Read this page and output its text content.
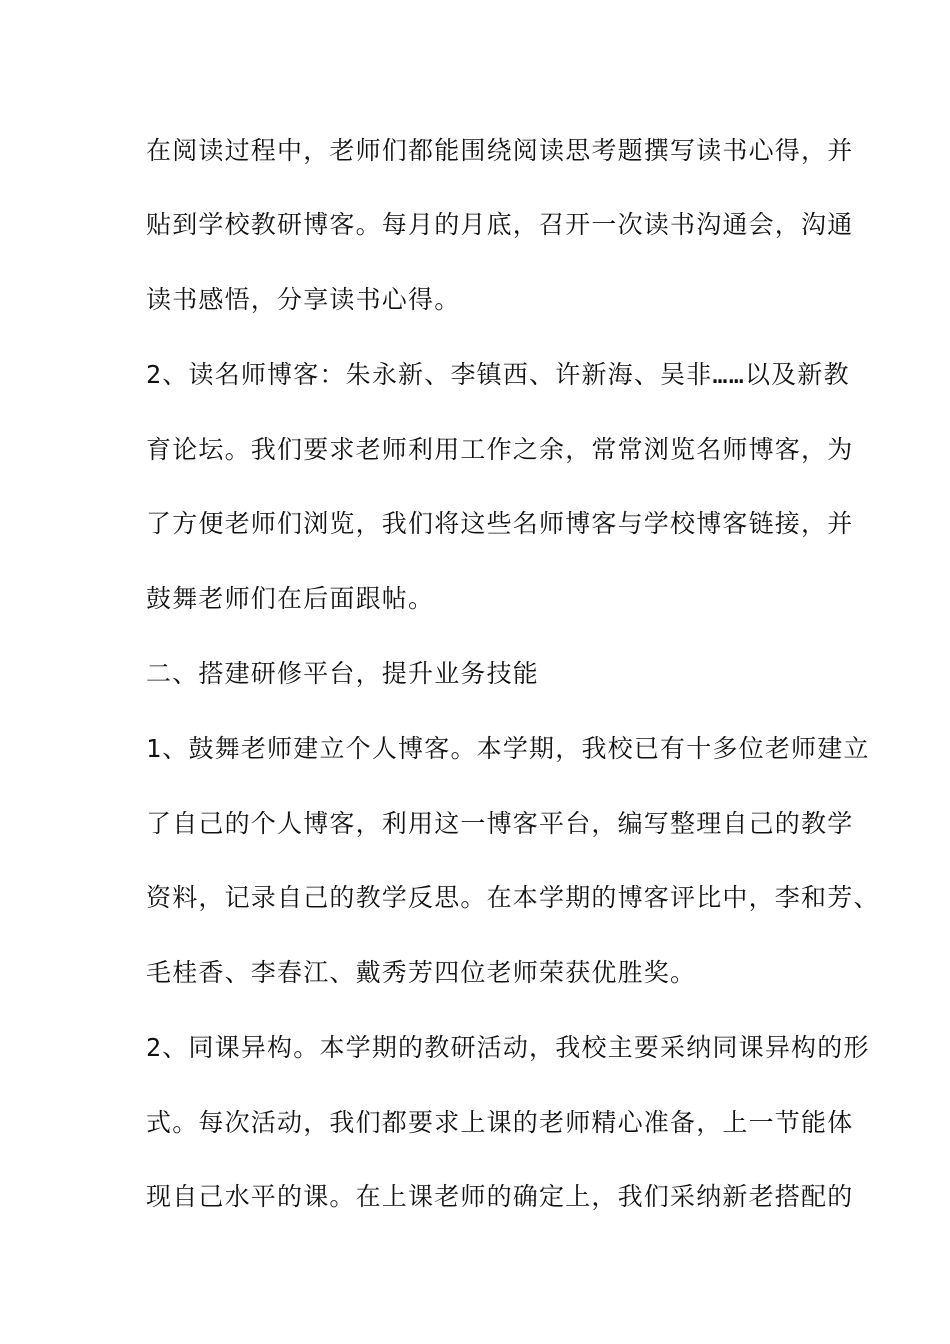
在阅读过程中，老师们都能围绕阅读思考题撰写读书心得，并
贴到学校教研博客。每月的月底，召开一次读书沟通会，沟通
读书感悟，分享读书心得。
2、读名师博客：朱永新、李镇西、许新海、吴非……以及新教
育论坛。我们要求老师利用工作之余，常常浏览名师博客，为
了方便老师们浏览，我们将这些名师博客与学校博客链接，并
鼓舞老师们在后面跟帖。
二、搭建研修平台，提升业务技能
1、鼓舞老师建立个人博客。本学期，我校已有十多位老师建立
了自己的个人博客，利用这一博客平台，编写整理自己的教学
资料，记录自己的教学反思。在本学期的博客评比中，李和芳、
毛桂香、李春江、戴秀芳四位老师荣获优胜奖。
2、同课异构。本学期的教研活动，我校主要采纳同课异构的形
式。每次活动，我们都要求上课的老师精心准备，上一节能体
现自己水平的课。在上课老师的确定上，我们采纳新老搭配的
